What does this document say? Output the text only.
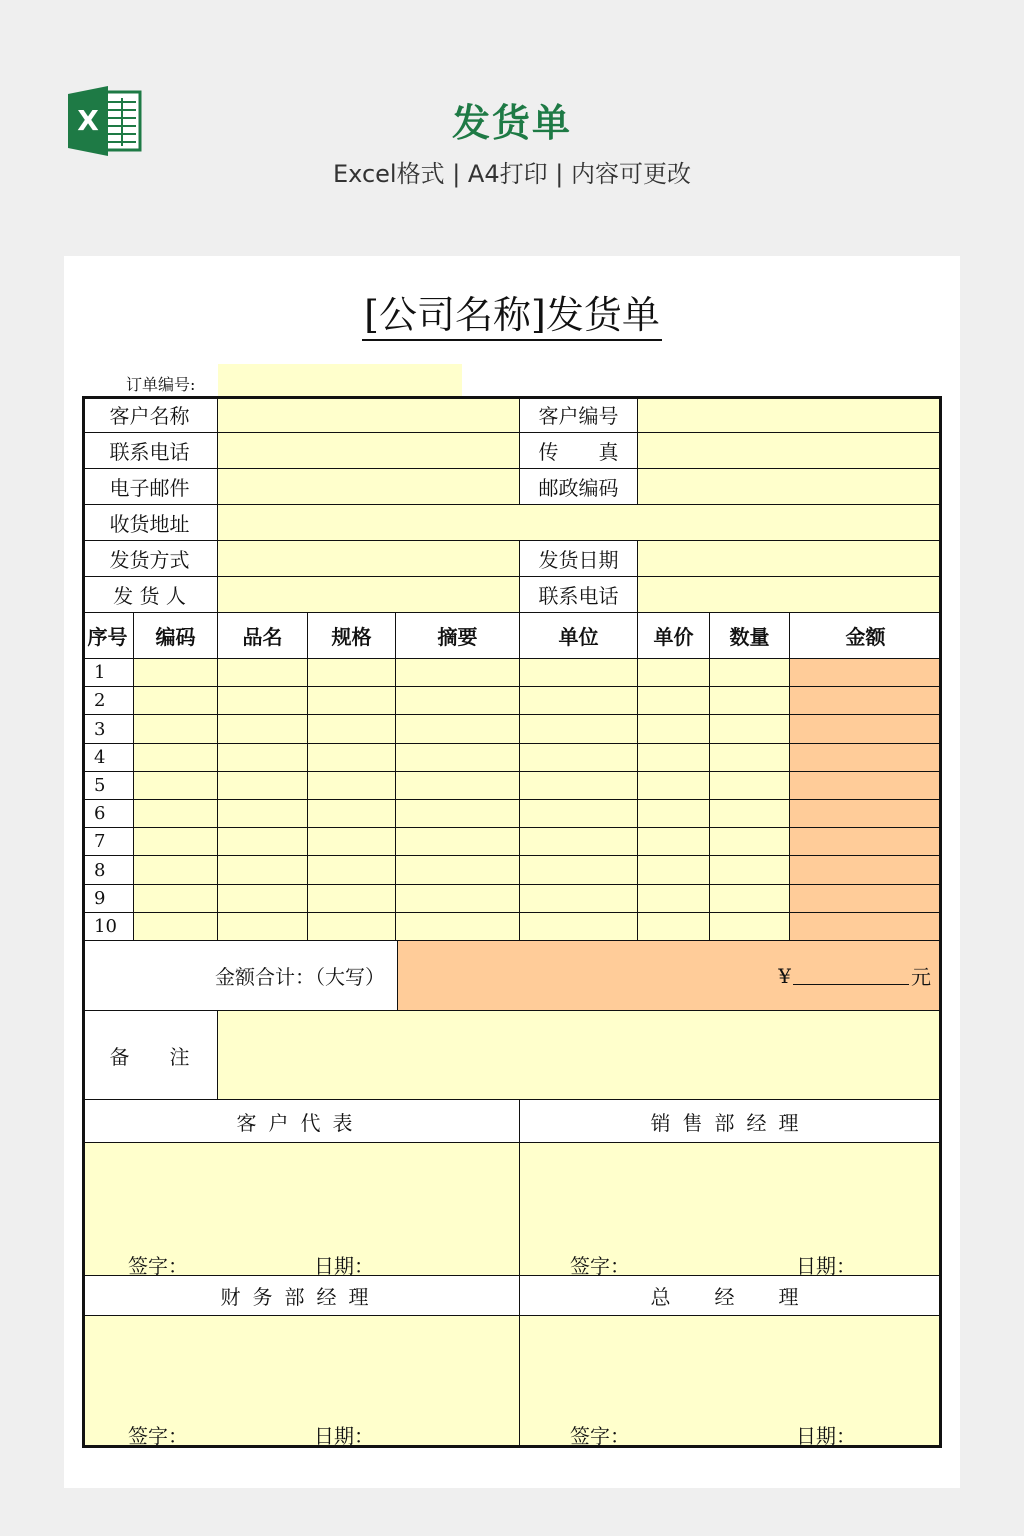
X	发货单
Excel格式 | A4打印 | 内容可更改
[公司名称]发货单
订单编号:
客户名称	客户编号
联系电话	传　　真
电子邮件	邮政编码
收货地址
发货方式	发货日期
发 货 人	联系电话
序号	编码	品名	规格	摘要	单位	单价	数量	金额
1
2
3
4
5
6
7
8
9
10
金额合计：（大写）	¥	元
备　　注
客户代表	销售部经理
财务部经理	总　经　理
签字：	日期：	签字：	日期：
签字：	日期：	签字：	日期：
